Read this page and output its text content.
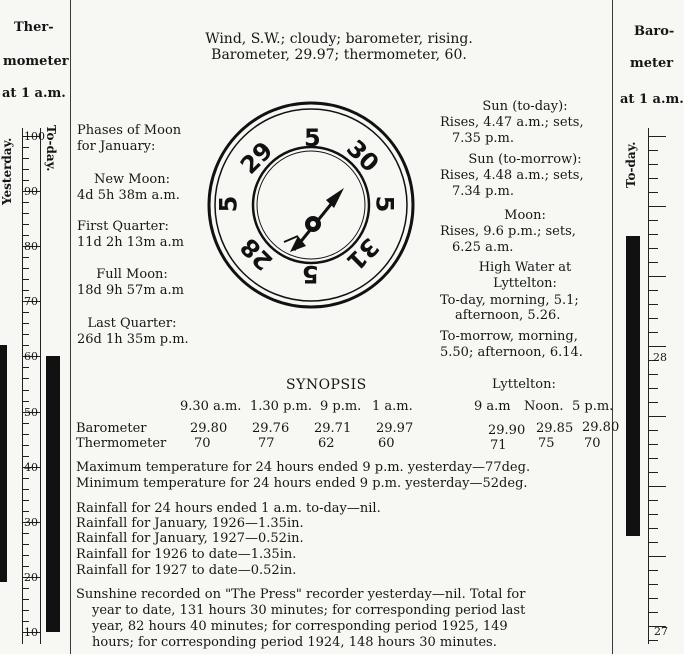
Ther-
mometer
at 1 a.m.
Yesterday.	To-day.
100
90
80
70
60
50
40
30
20
10
Baro-
meter
at 1 a.m.
To-day.
28
27
Wind, S.W.; cloudy; barometer, rising.
Barometer, 29.97; thermometer, 60.
Phases of Moon
for January:
New Moon:
4d 5h 38m a.m.
First Quarter:
11d 2h 13m a.m
Full Moon:
18d 9h 57m a.m
Last Quarter:
26d 1h 35m p.m.
5 30
5
31
5
28
5
29
Sun (to-day):
Rises, 4.47 a.m.; sets,
7.35 p.m.
Sun (to-morrow):
Rises, 4.48 a.m.; sets,
7.34 p.m.
Moon:
Rises, 9.6 p.m.; sets,
6.25 a.m.
High Water at
Lyttelton:
To-day, morning, 5.1;
afternoon, 5.26.
To-morrow, morning,
5.50; afternoon, 6.14.
SYNOPSIS	Lyttelton:
9.30 a.m. 1.30 p.m. 9 p.m. 1 a.m.	9 a.m Noon. 5 p.m.
Barometer	29.80 29.76 29.71 29.97	29.90 29.85 29.80
Thermometer 70	77	62	60	71 75 70
Maximum temperature for 24 hours ended 9 p.m. yesterday—77deg.
Minimum temperature for 24 hours ended 9 p.m. yesterday—52deg.
Rainfall for 24 hours ended 1 a.m. to-day—nil.
Rainfall for January, 1926—1.35in.
Rainfall for January, 1927—0.52in.
Rainfall for 1926 to date—1.35in.
Rainfall for 1927 to date—0.52in.
Sunshine recorded on "The Press" recorder yesterday—nil. Total for
year to date, 131 hours 30 minutes; for corresponding period last
year, 82 hours 40 minutes; for corresponding period 1925, 149
hours; for corresponding period 1924, 148 hours 30 minutes.
